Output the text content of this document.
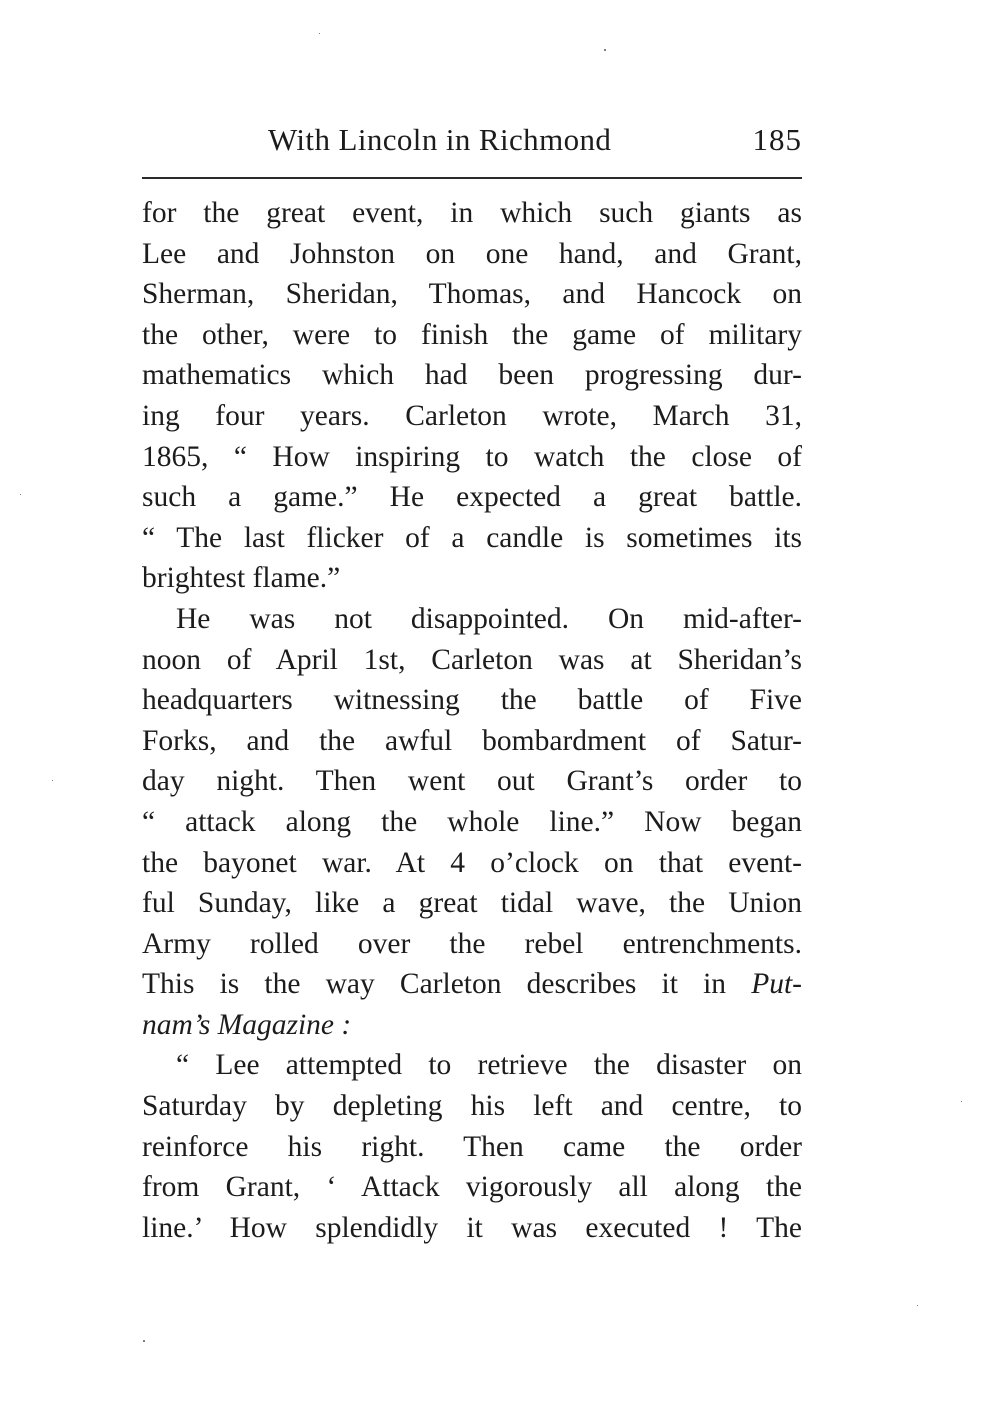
With Lincoln in Richmond	185
for the great event, in which such giants as
Lee and Johnston on one hand, and Grant,
Sherman, Sheridan, Thomas, and Hancock on
the other, were to finish the game of military
mathematics which had been progressing dur-
ing four years. Carleton wrote, March 31,
1865, “ How inspiring to watch the close of
such a game.” He expected a great battle.
“ The last flicker of a candle is sometimes its
brightest flame.”
He was not disappointed. On mid-after-
noon of April 1st, Carleton was at Sheridan’s
headquarters witnessing the battle of Five
Forks, and the awful bombardment of Satur-
day night. Then went out Grant’s order to
“ attack along the whole line.” Now began
the bayonet war. At 4 o’clock on that event-
ful Sunday, like a great tidal wave, the Union
Army rolled over the rebel entrenchments.
This is the way Carleton describes it in Put-
nam’s Magazine :
“ Lee attempted to retrieve the disaster on
Saturday by depleting his left and centre, to
reinforce his right. Then came the order
from Grant, ‘ Attack vigorously all along the
line.’ How splendidly it was executed ! The
